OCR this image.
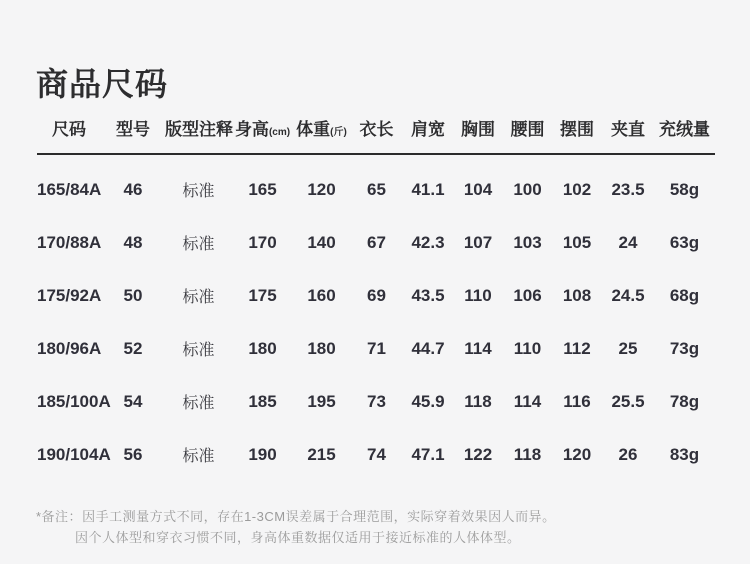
商品尺码
尺码	型号	版型注释	身高(cm)	体重(斤)	衣长	肩宽	胸围	腰围	摆围	夹直	充绒量
165/84A	46	标准	165	120	65	41.1	104	100	102	23.5	58g
170/88A	48	标准	170	140	67	42.3	107	103	105	24	63g
175/92A	50	标准	175	160	69	43.5	110	106	108	24.5	68g
180/96A	52	标准	180	180	71	44.7	114	110	112	25	73g
185/100A	54	标准	185	195	73	45.9	118	114	116	25.5	78g
190/104A	56	标准	190	215	74	47.1	122	118	120	26	83g
*备注：因手工测量方式不同，存在1-3CM误差属于合理范围，实际穿着效果因人而异。
因个人体型和穿衣习惯不同，身高体重数据仅适用于接近标准的人体体型。
